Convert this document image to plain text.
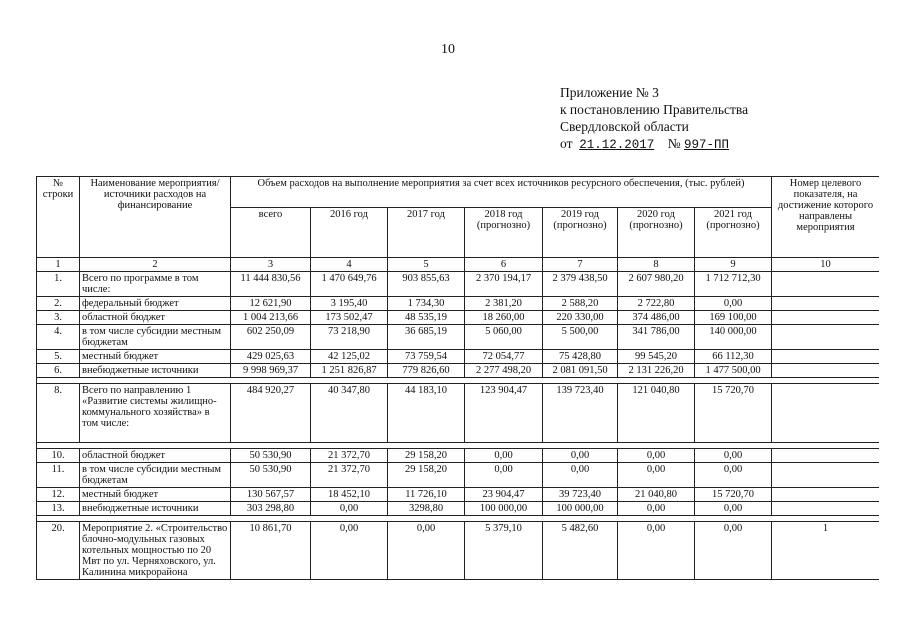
10
Приложение № 3
к постановлению Правительства
Свердловской области
от 21.12.2017 № 997-ПП
№ строки	Наименование мероприятия/источники расходов на финансирование	Объем расходов на выполнение мероприятия за счет всех источников ресурсного обеспечения, (тыс. рублей)							Номер целевого показателя, на достижение которого направлены мероприятия
		всего	2016 год	2017 год	2018 год (прогнозно)	2019 год (прогнозно)	2020 год (прогнозно)	2021 год (прогнозно)	
1	2	3	4	5	6	7	8	9	10
1.	Всего по программе в том числе:	11 444 830,56	1 470 649,76	903 855,63	2 370 194,17	2 379 438,50	2 607 980,20	1 712 712,30	
2.	федеральный бюджет	12 621,90	3 195,40	1 734,30	2 381,20	2 588,20	2 722,80	0,00	
3.	областной бюджет	1 004 213,66	173 502,47	48 535,19	18 260,00	220 330,00	374 486,00	169 100,00	
4.	в том числе субсидии местным бюджетам	602 250,09	73 218,90	36 685,19	5 060,00	5 500,00	341 786,00	140 000,00	
5.	местный бюджет	429 025,63	42 125,02	73 759,54	72 054,77	75 428,80	99 545,20	66 112,30	
6.	внебюджетные источники	9 998 969,37	1 251 826,87	779 826,60	2 277 498,20	2 081 091,50	2 131 226,20	1 477 500,00	

8.	Всего по направлению 1 «Развитие системы жилищно-коммунального хозяйства» в том числе:	484 920,27	40 347,80	44 183,10	123 904,47	139 723,40	121 040,80	15 720,70	

10.	областной бюджет	50 530,90	21 372,70	29 158,20	0,00	0,00	0,00	0,00	
11.	в том числе субсидии местным бюджетам	50 530,90	21 372,70	29 158,20	0,00	0,00	0,00	0,00	
12.	местный бюджет	130 567,57	18 452,10	11 726,10	23 904,47	39 723,40	21 040,80	15 720,70	
13.	внебюджетные источники	303 298,80	0,00	3298,80	100 000,00	100 000,00	0,00	0,00	

20.	Мероприятие 2. «Строительство блочно-модульных газовых котельных мощностью по 20 Мвт по ул. Черняховского, ул. Калинина микрорайона	10 861,70	0,00	0,00	5 379,10	5 482,60	0,00	0,00	1
